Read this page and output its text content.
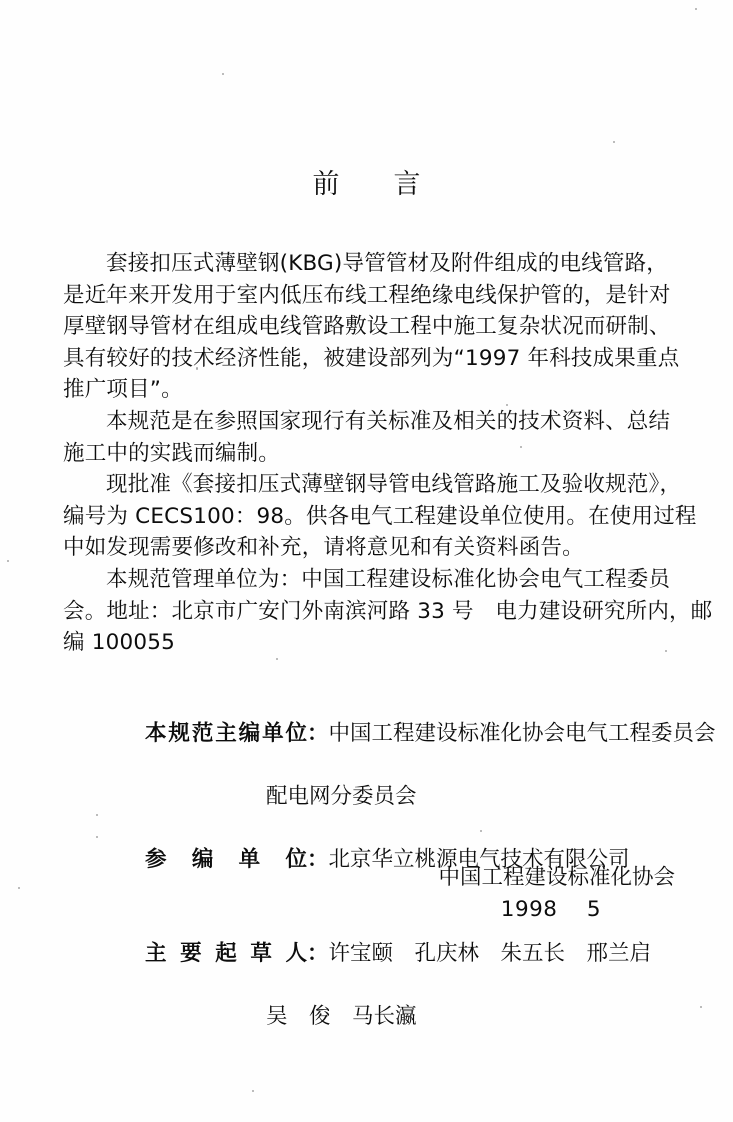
前　　言

套接扣压式薄壁钢(KBG)导管管材及附件组成的电线管路，
是近年来开发用于室内低压布线工程绝缘电线保护管的，是针对
厚壁钢导管材在组成电线管路敷设工程中施工复杂状况而研制、
具有较好的技术经济性能，被建设部列为“1997 年科技成果重点
推广项目”。

本规范是在参照国家现行有关标准及相关的技术资料、总结
施工中的实践而编制。

现批准《套接扣压式薄壁钢导管电线管路施工及验收规范》，
编号为 CECS100：98。供各电气工程建设单位使用。在使用过程
中如发现需要修改和补充，请将意见和有关资料函告。

本规范管理单位为：中国工程建设标准化协会电气工程委员
会。地址：北京市广安门外南滨河路 33 号　电力建设研究所内，邮
编 100055

本规范主编单位：中国工程建设标准化协会电气工程委员会

配电网分委员会

参编单位：北京华立桃源电气技术有限公司

主要起草人：许宝颐　孔庆林　朱五长　邢兰启

吴　俊　马长瀛
中国工程建设标准化协会
1998　 5
